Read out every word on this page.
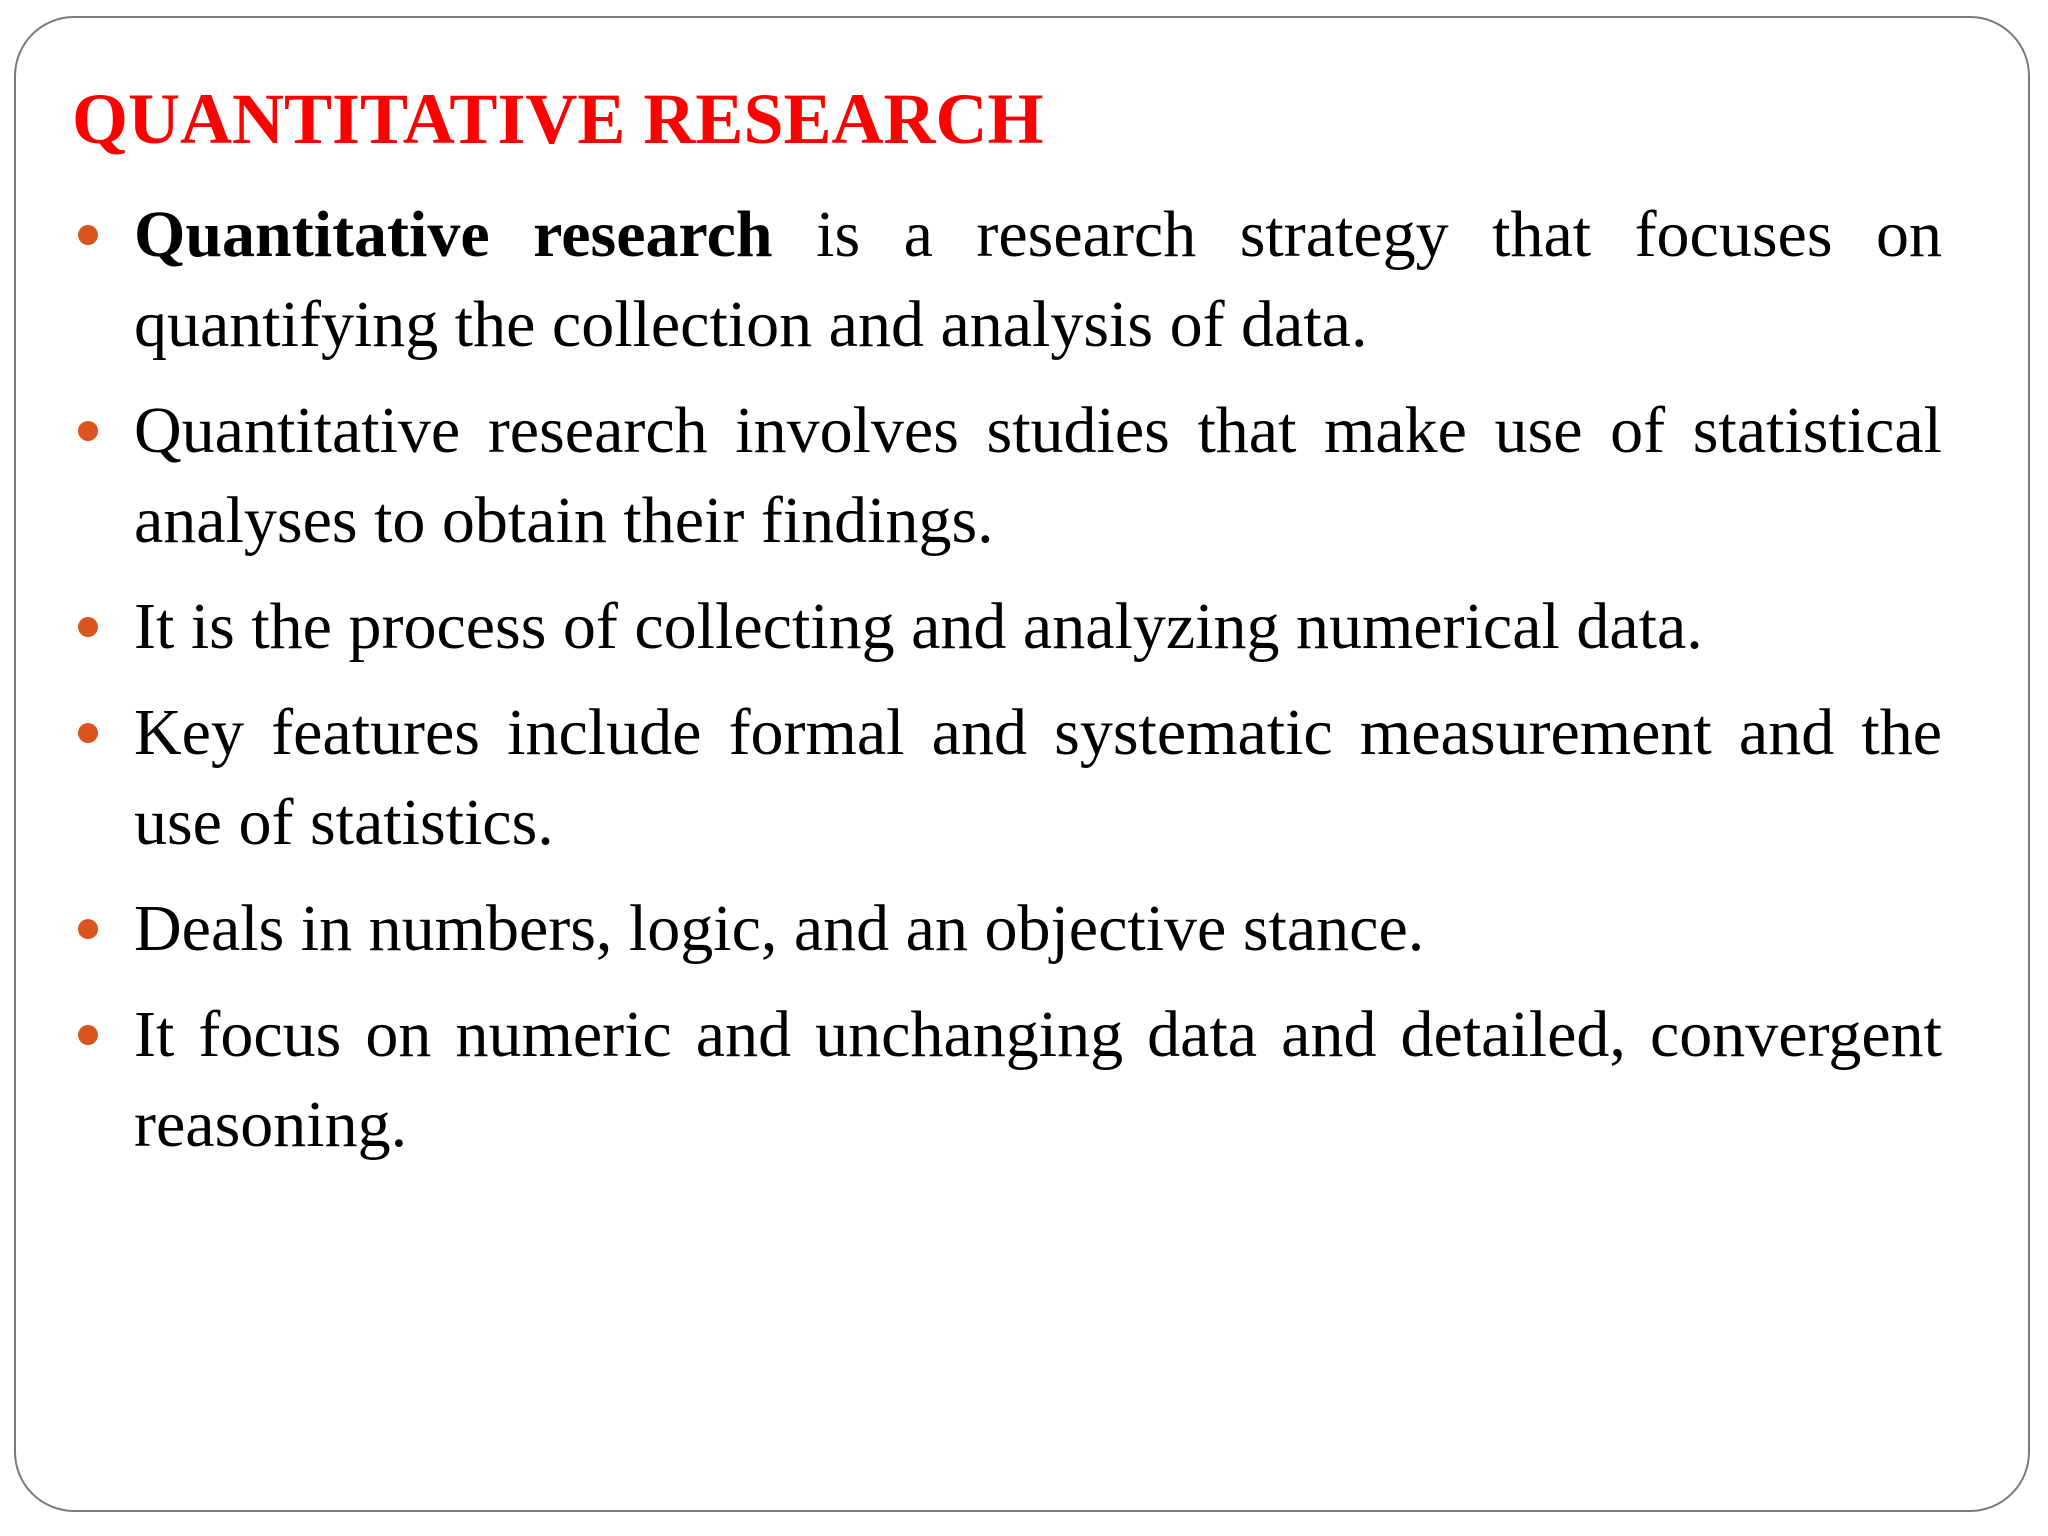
QUANTITATIVE RESEARCH
Quantitative research is a research strategy that focuses on quantifying the collection and analysis of data.
Quantitative research involves studies that make use of statistical analyses to obtain their findings.
It is the process of collecting and analyzing numerical data.
Key features include formal and systematic measurement and the use of statistics.
Deals in numbers, logic, and an objective stance.
It focus on numeric and unchanging data and detailed, convergent reasoning.
